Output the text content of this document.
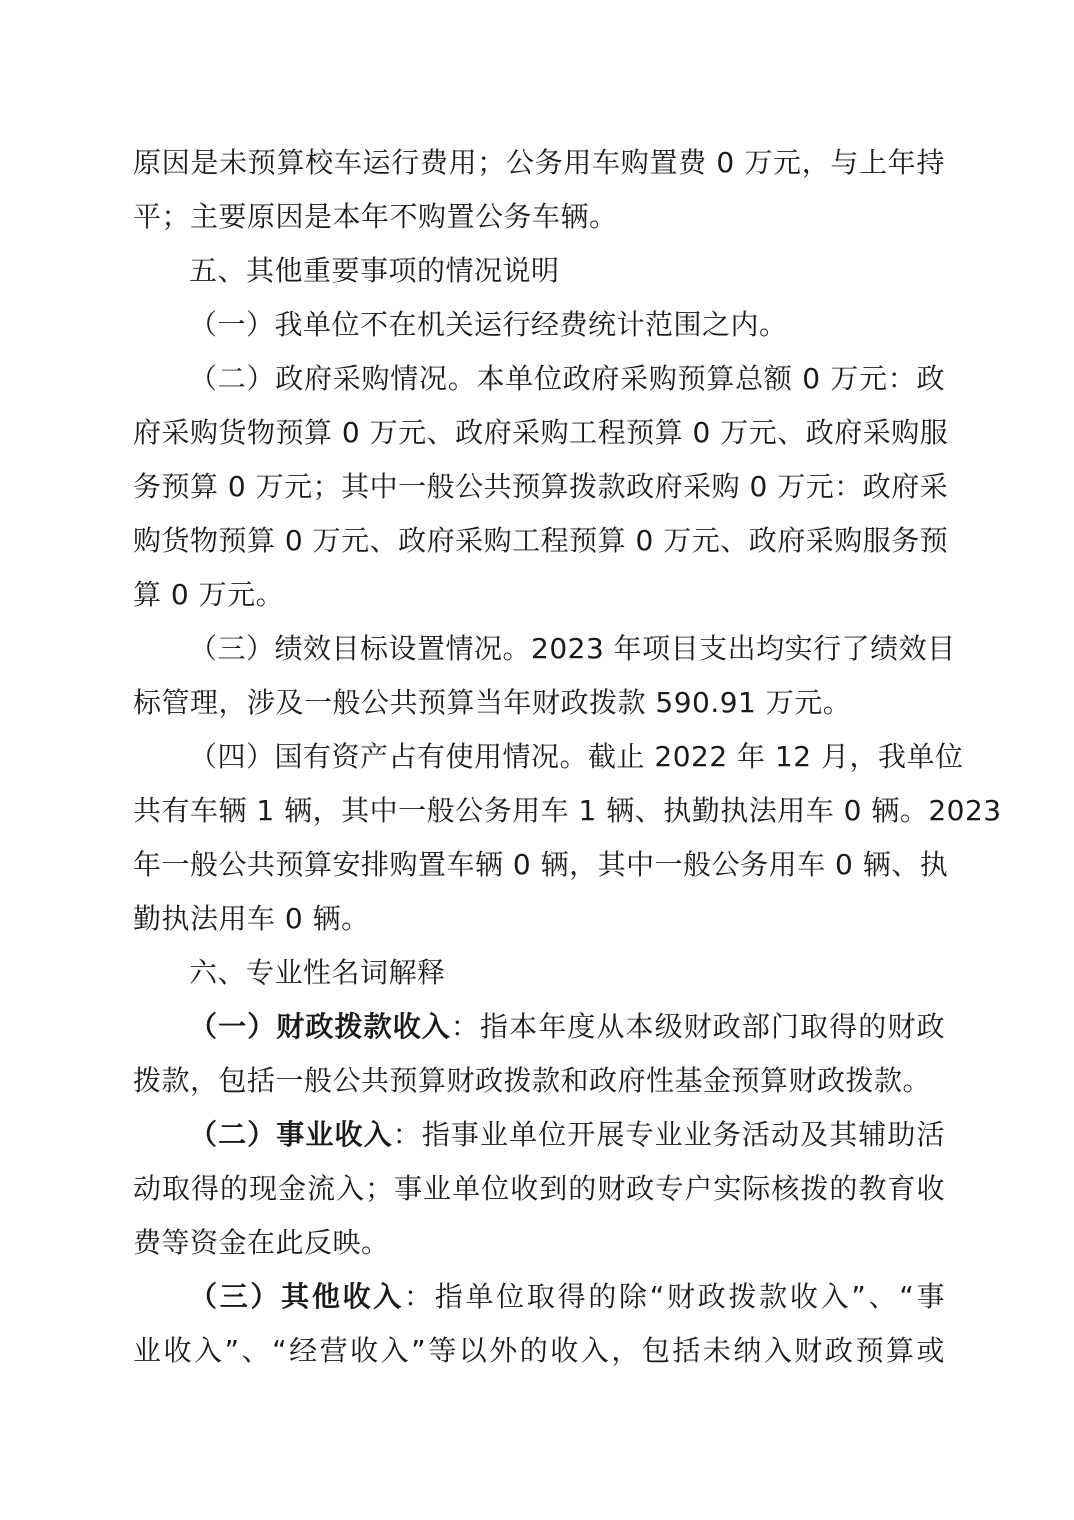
原因是未预算校车运行费用；公务用车购置费 0 万元，与上年持
平；主要原因是本年不购置公务车辆。
五、其他重要事项的情况说明
（一）我单位不在机关运行经费统计范围之内。
（二）政府采购情况。本单位政府采购预算总额 0 万元：政
府采购货物预算 0 万元、政府采购工程预算 0 万元、政府采购服
务预算 0 万元；其中一般公共预算拨款政府采购 0 万元：政府采
购货物预算 0 万元、政府采购工程预算 0 万元、政府采购服务预
算 0 万元。
（三）绩效目标设置情况。2023 年项目支出均实行了绩效目
标管理，涉及一般公共预算当年财政拨款 590.91 万元。
（四）国有资产占有使用情况。截止 2022 年 12 月，我单位
共有车辆 1 辆，其中一般公务用车 1 辆、执勤执法用车 0 辆。2023
年一般公共预算安排购置车辆 0 辆，其中一般公务用车 0 辆、执
勤执法用车 0 辆。
六、专业性名词解释
（一）财政拨款收入：指本年度从本级财政部门取得的财政
拨款，包括一般公共预算财政拨款和政府性基金预算财政拨款。
（二）事业收入：指事业单位开展专业业务活动及其辅助活
动取得的现金流入；事业单位收到的财政专户实际核拨的教育收
费等资金在此反映。
（三）其他收入：指单位取得的除“财政拨款收入”、“事
业收入”、“经营收入”等以外的收入，包括未纳入财政预算或
